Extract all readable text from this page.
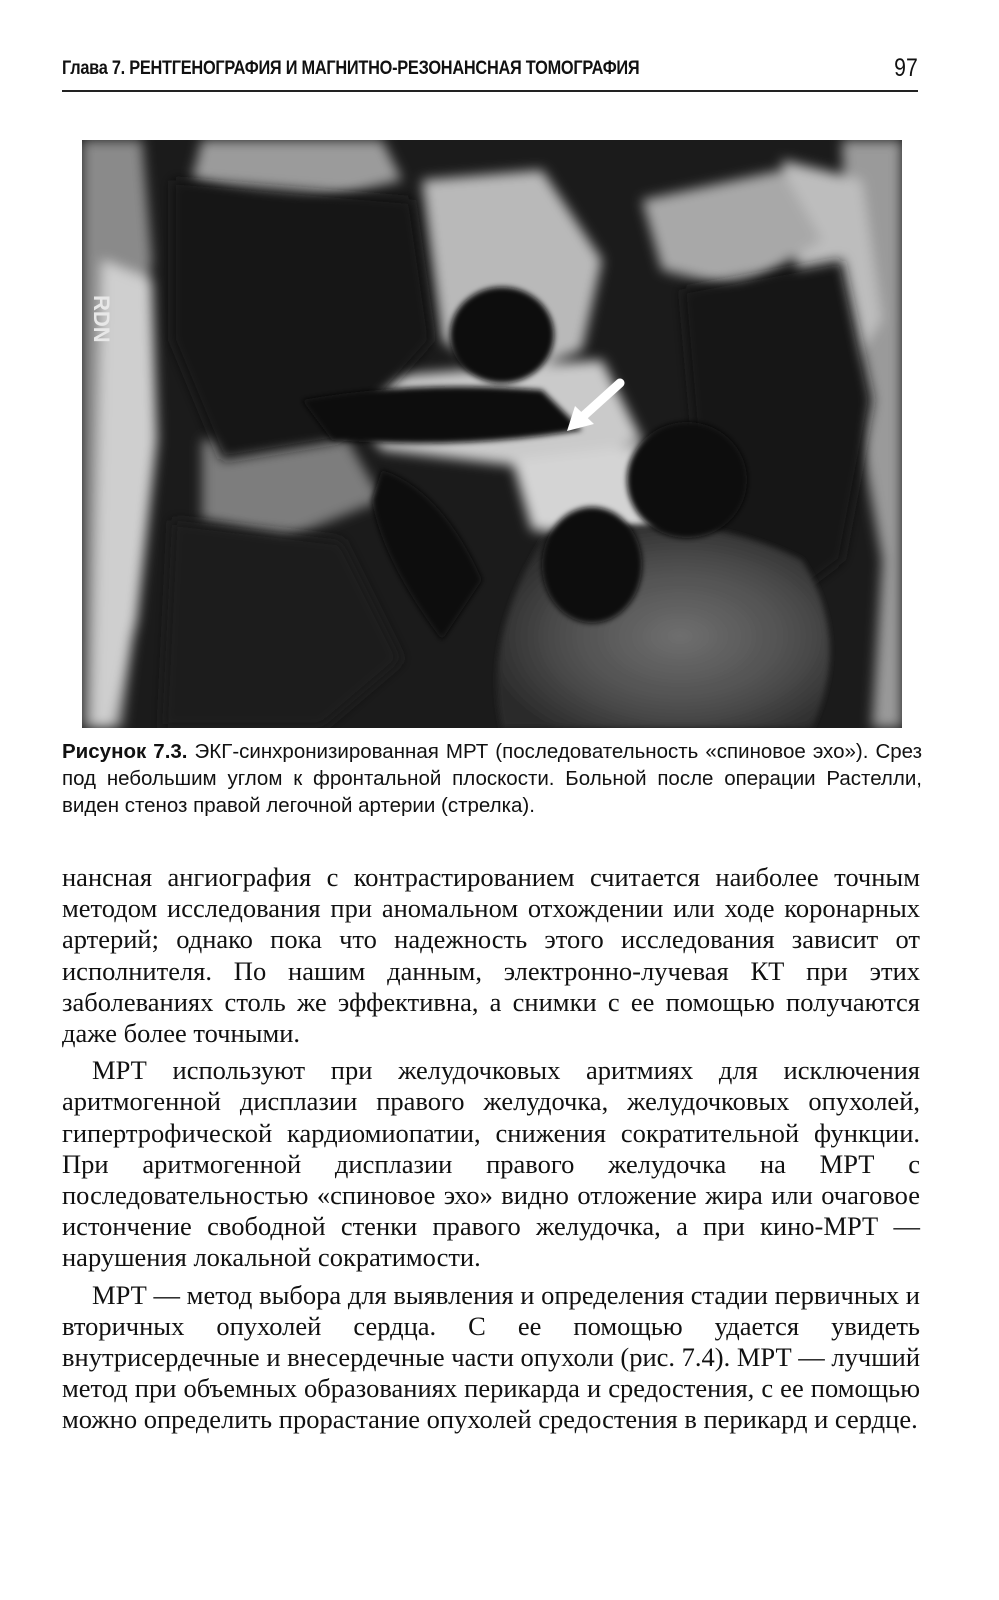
Глава 7. РЕНТГЕНОГРАФИЯ И МАГНИТНО-РЕЗОНАНСНАЯ ТОМОГРАФИЯ	97
RDN
Рисунок 7.3. ЭКГ-синхронизированная МРТ (последовательность «спиновое эхо»). Срез под небольшим углом к фронтальной плоскости. Больной после операции Растелли, виден стеноз правой легочной артерии (стрелка).

нансная ангиография с контрастированием считается наиболее точным методом исследования при аномальном отхождении или ходе коронарных артерий; однако пока что надежность этого исследования зависит от исполнителя. По нашим данным, электронно-лучевая КТ при этих заболеваниях столь же эффективна, а снимки с ее помощью получаются даже более точными.

МРТ используют при желудочковых аритмиях для исключения аритмогенной дисплазии правого желудочка, желудочковых опухолей, гипертрофической кардиомиопатии, снижения сократительной функции. При аритмогенной дисплазии правого желудочка на МРТ с последовательностью «спиновое эхо» видно отложение жира или очаговое истончение свободной стенки правого желудочка, а при кино-МРТ — нарушения локальной сократимости.

МРТ — метод выбора для выявления и определения стадии первичных и вторичных опухолей сердца. С ее помощью удается увидеть внутрисердечные и внесердечные части опухоли (рис. 7.4). МРТ — лучший метод при объемных образованиях перикарда и средостения, с ее помощью можно определить прорастание опухолей средостения в перикард и сердце.
